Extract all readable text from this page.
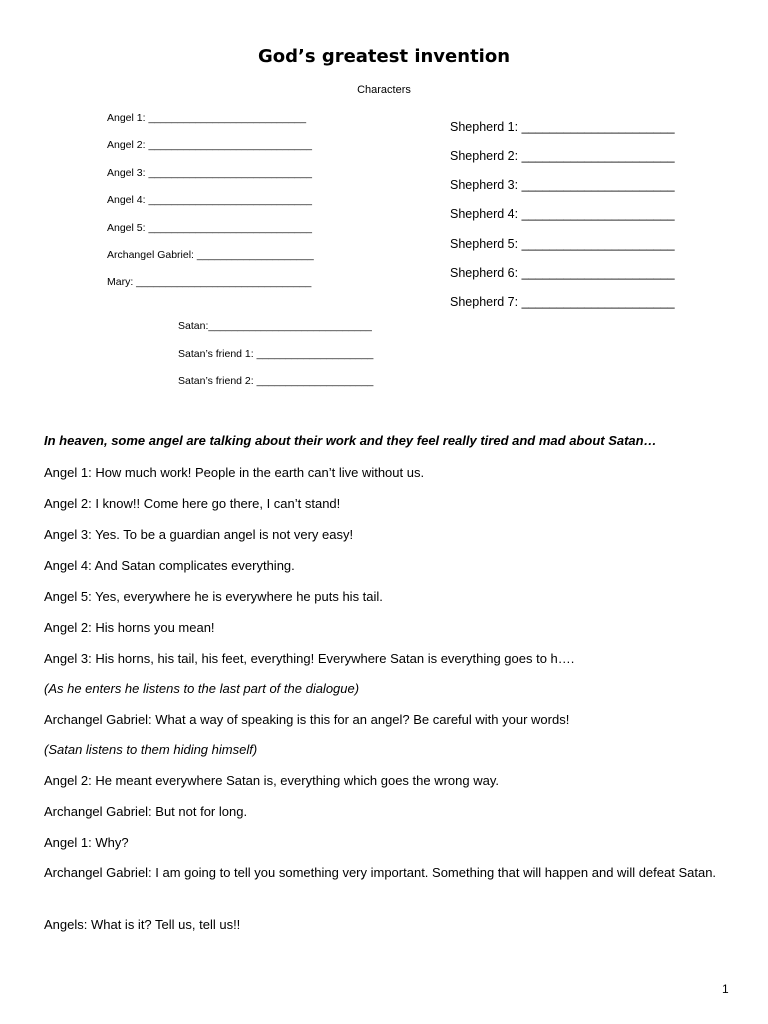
God’s greatest invention
Characters
Angel 1: ___________________________
Angel 2: ____________________________
Angel 3: ____________________________
Angel 4: ____________________________
Angel 5: ____________________________
Archangel Gabriel: ____________________
Mary: ______________________________
Shepherd 1: ______________________
Shepherd 2: ______________________
Shepherd 3: ______________________
Shepherd 4: ______________________
Shepherd 5: ______________________
Shepherd 6: ______________________
Shepherd 7: ______________________
Satan:____________________________
Satan’s friend 1: ____________________
Satan’s friend 2: ____________________
In heaven, some angel are talking about their work and they feel really tired and mad about Satan…
Angel 1: How much work! People in the earth can’t live without us.
Angel 2: I know!! Come here go there, I can’t stand!
Angel 3: Yes. To be a guardian angel is not very easy!
Angel 4: And Satan complicates everything.
Angel 5: Yes, everywhere he is everywhere he puts his tail.
Angel 2: His horns you mean!
Angel 3: His horns, his tail, his feet, everything! Everywhere Satan is everything goes to h….
(As he enters he listens to the last part of the dialogue)
Archangel Gabriel: What a way of speaking is this for an angel? Be careful with your words!
(Satan listens to them hiding himself)
Angel 2: He meant everywhere Satan is, everything which goes the wrong way.
Archangel Gabriel: But not for long.
Angel 1: Why?
Archangel Gabriel: I am going to tell you something very important. Something that will happen and will defeat Satan.
Angels: What is it? Tell us, tell us!!
1
